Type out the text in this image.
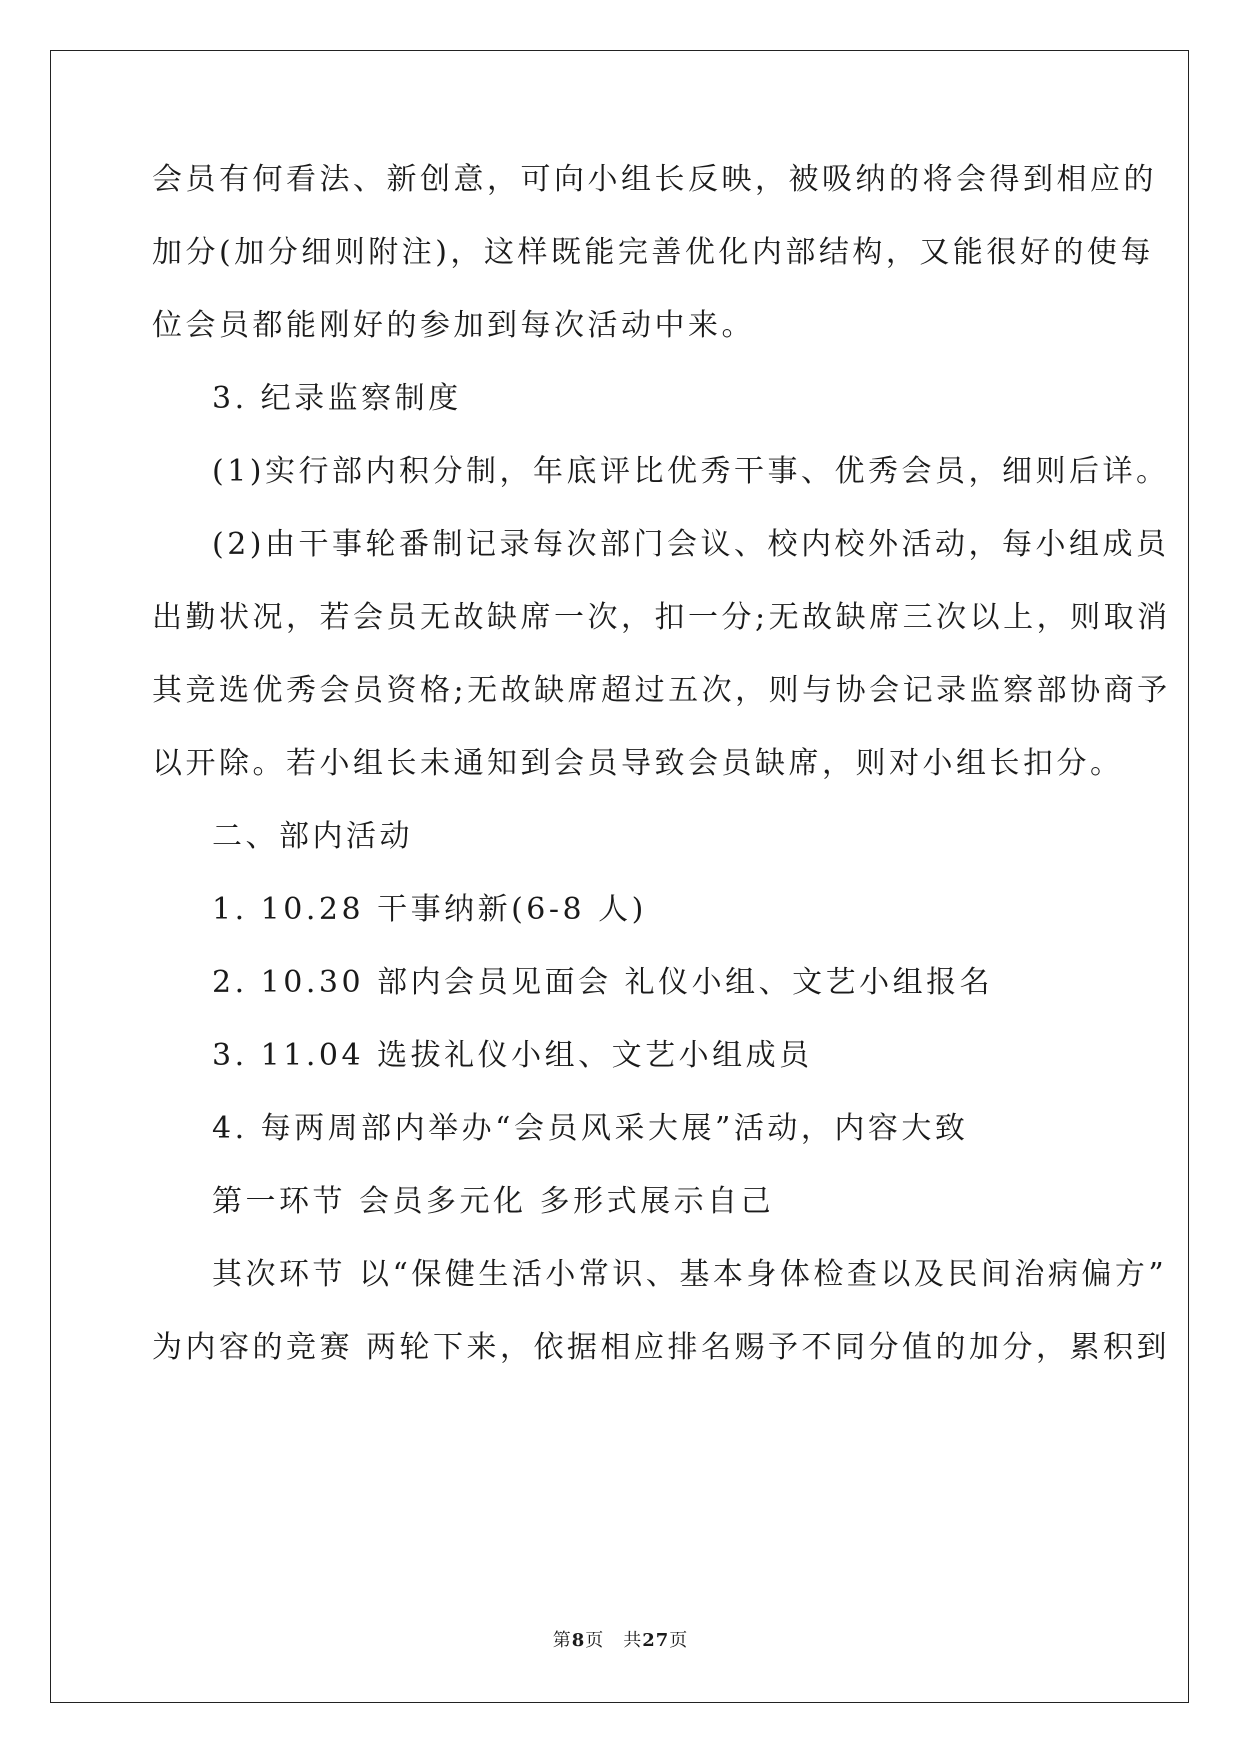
会员有何看法、新创意，可向小组长反映，被吸纳的将会得到相应的
加分(加分细则附注)，这样既能完善优化内部结构，又能很好的使每
位会员都能刚好的参加到每次活动中来。
3. 纪录监察制度
(1)实行部内积分制，年底评比优秀干事、优秀会员，细则后详。
(2)由干事轮番制记录每次部门会议、校内校外活动，每小组成员
出勤状况，若会员无故缺席一次，扣一分;无故缺席三次以上，则取消
其竞选优秀会员资格;无故缺席超过五次，则与协会记录监察部协商予
以开除。若小组长未通知到会员导致会员缺席，则对小组长扣分。
二、部内活动
1. 10.28 干事纳新(6-8 人)
2. 10.30 部内会员见面会 礼仪小组、文艺小组报名
3. 11.04 选拔礼仪小组、文艺小组成员
4. 每两周部内举办“会员风采大展”活动，内容大致
第一环节 会员多元化 多形式展示自己
其次环节 以“保健生活小常识、基本身体检查以及民间治病偏方”
为内容的竞赛 两轮下来，依据相应排名赐予不同分值的加分，累积到
第8页　共27页
